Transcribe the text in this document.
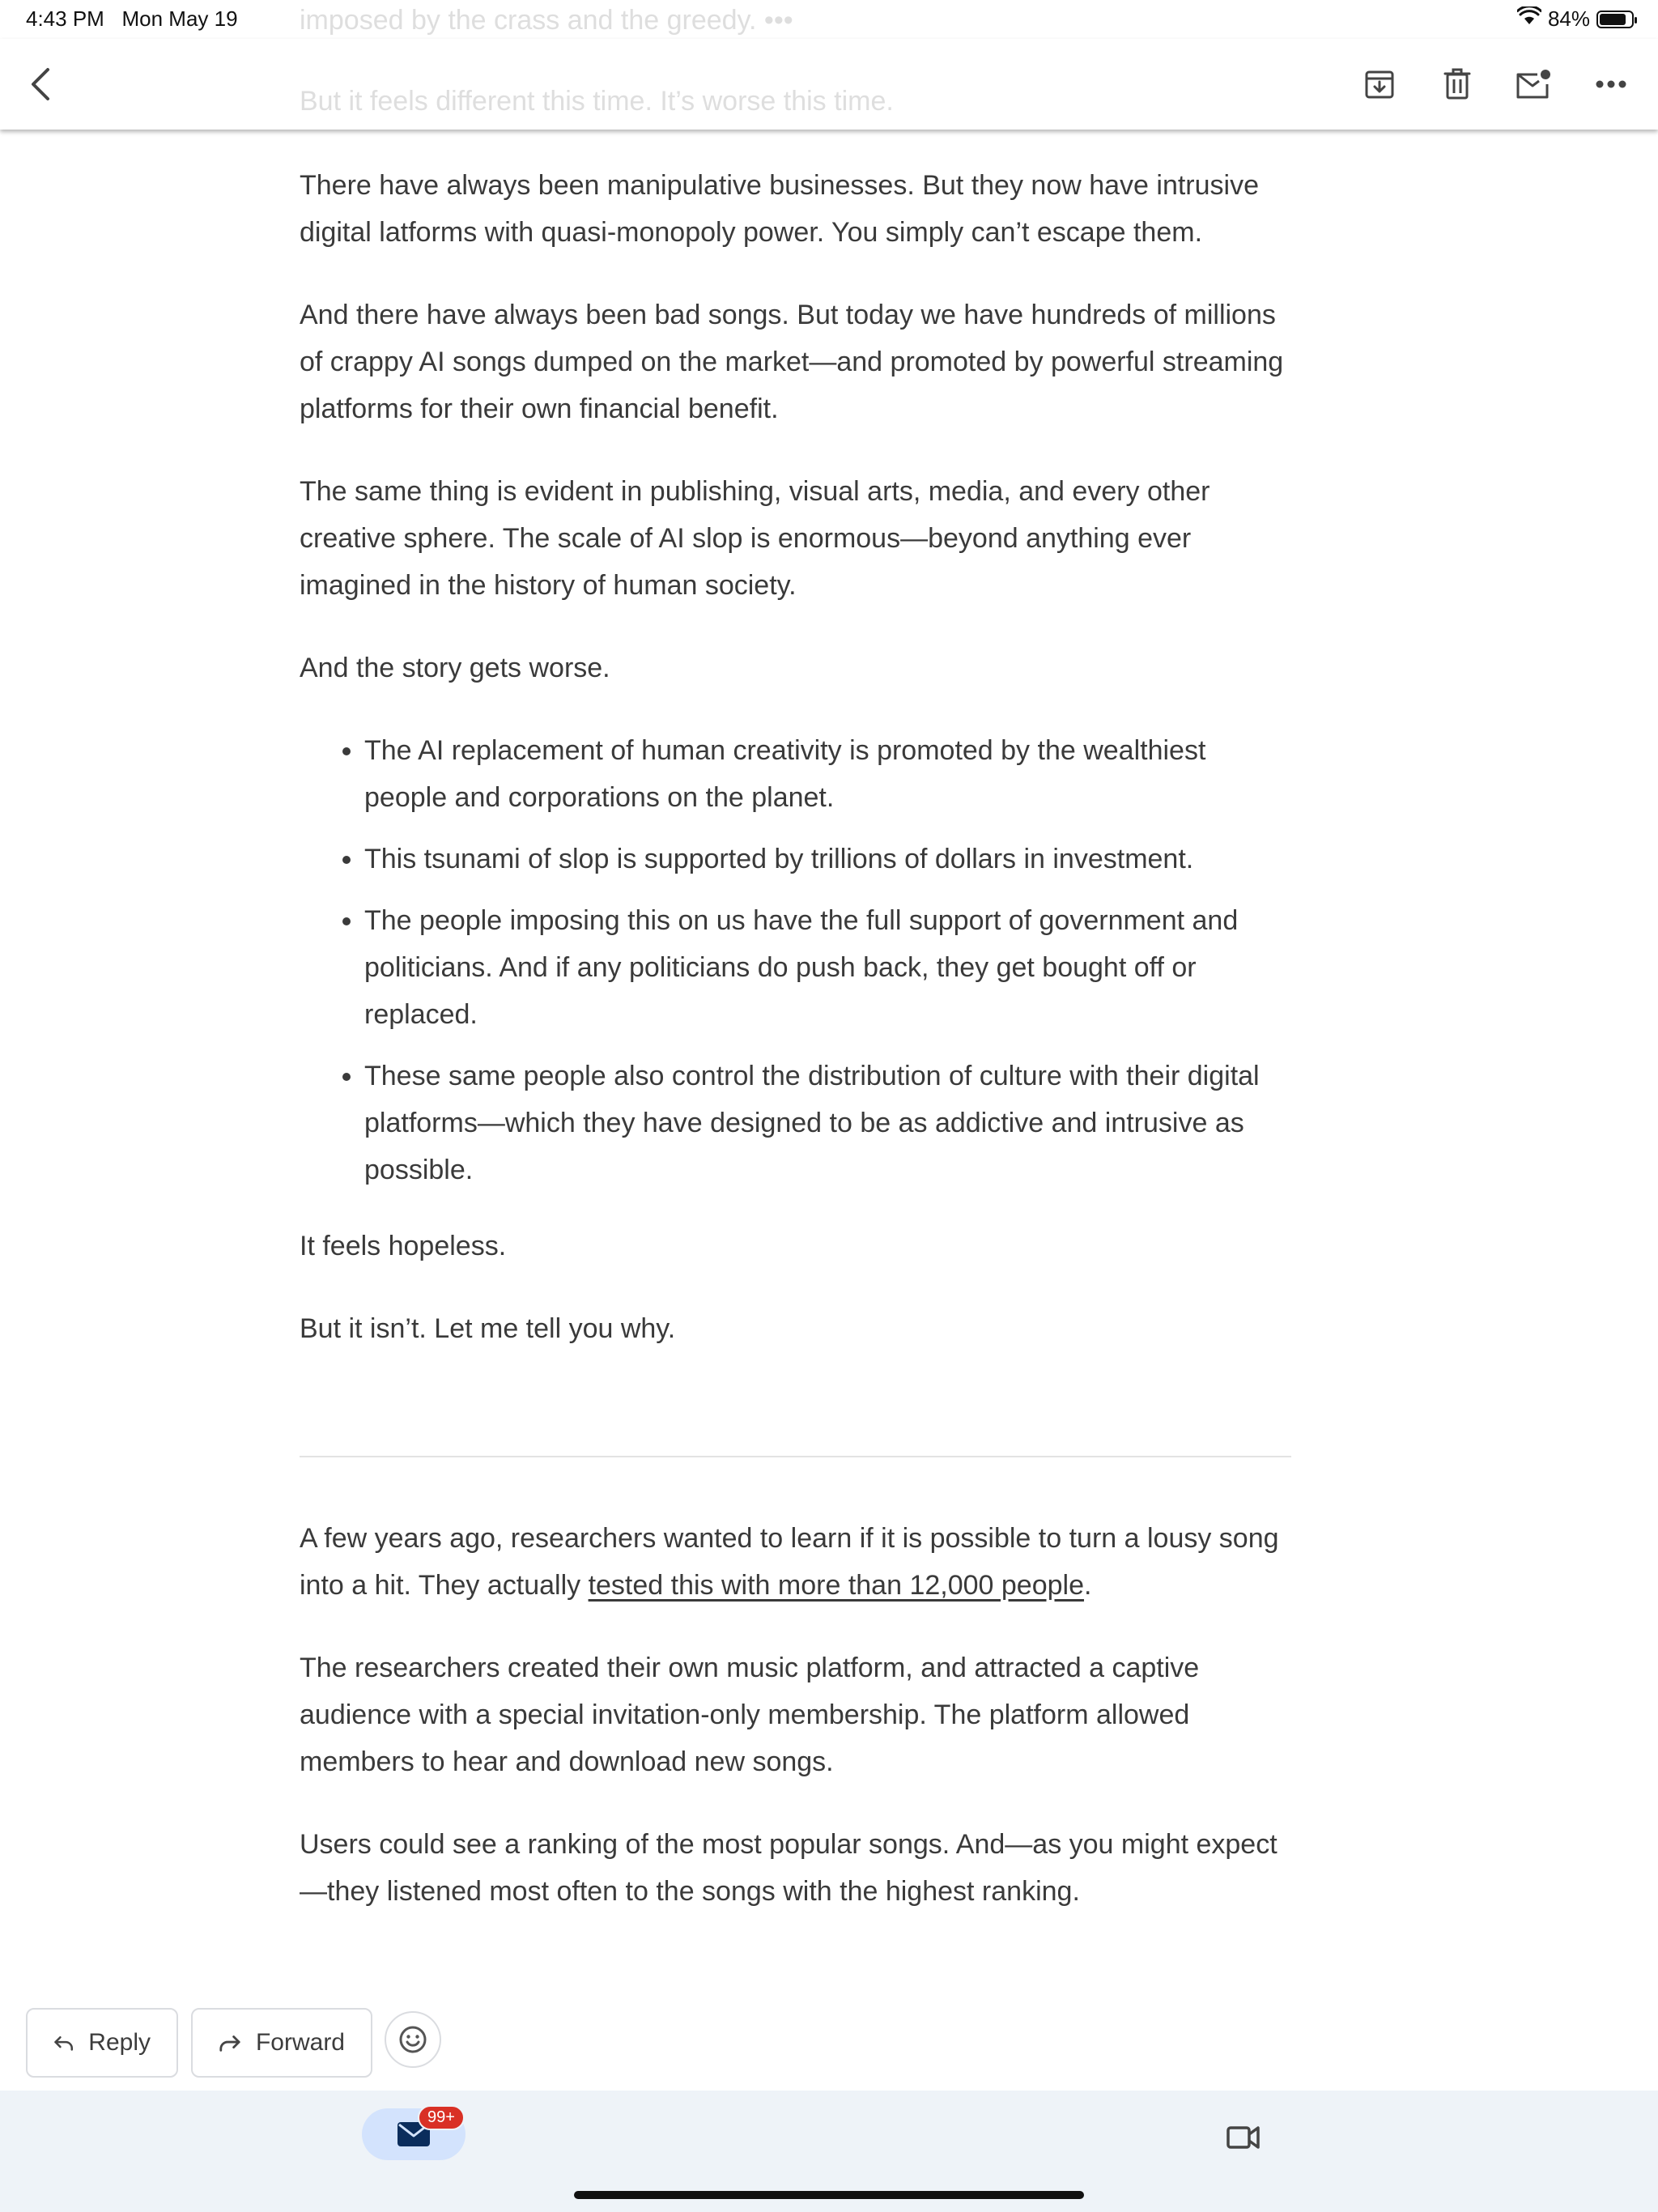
4:43 PM Mon May 19	84%
imposed by the crass and the greedy. •••
But it feels different this time. It’s worse this time.

There have always been manipulative businesses. But they now have intrusive digital latforms with quasi-monopoly power. You simply can’t escape them.

And there have always been bad songs. But today we have hundreds of millions of crappy AI songs dumped on the market—and promoted by powerful streaming platforms for their own financial benefit.

The same thing is evident in publishing, visual arts, media, and every other creative sphere. The scale of AI slop is enormous—beyond anything ever imagined in the history of human society.

And the story gets worse.

• The AI replacement of human creativity is promoted by the wealthiest people and corporations on the planet.
• This tsunami of slop is supported by trillions of dollars in investment.
• The people imposing this on us have the full support of government and politicians. And if any politicians do push back, they get bought off or replaced.
• These same people also control the distribution of culture with their digital platforms—which they have designed to be as addictive and intrusive as possible.

It feels hopeless.

But it isn’t. Let me tell you why.

A few years ago, researchers wanted to learn if it is possible to turn a lousy song into a hit. They actually tested this with more than 12,000 people.

The researchers created their own music platform, and attracted a captive audience with a special invitation-only membership. The platform allowed members to hear and download new songs.

Users could see a ranking of the most popular songs. And—as you might expect—they listened most often to the songs with the highest ranking.

Reply	Forward
99+
